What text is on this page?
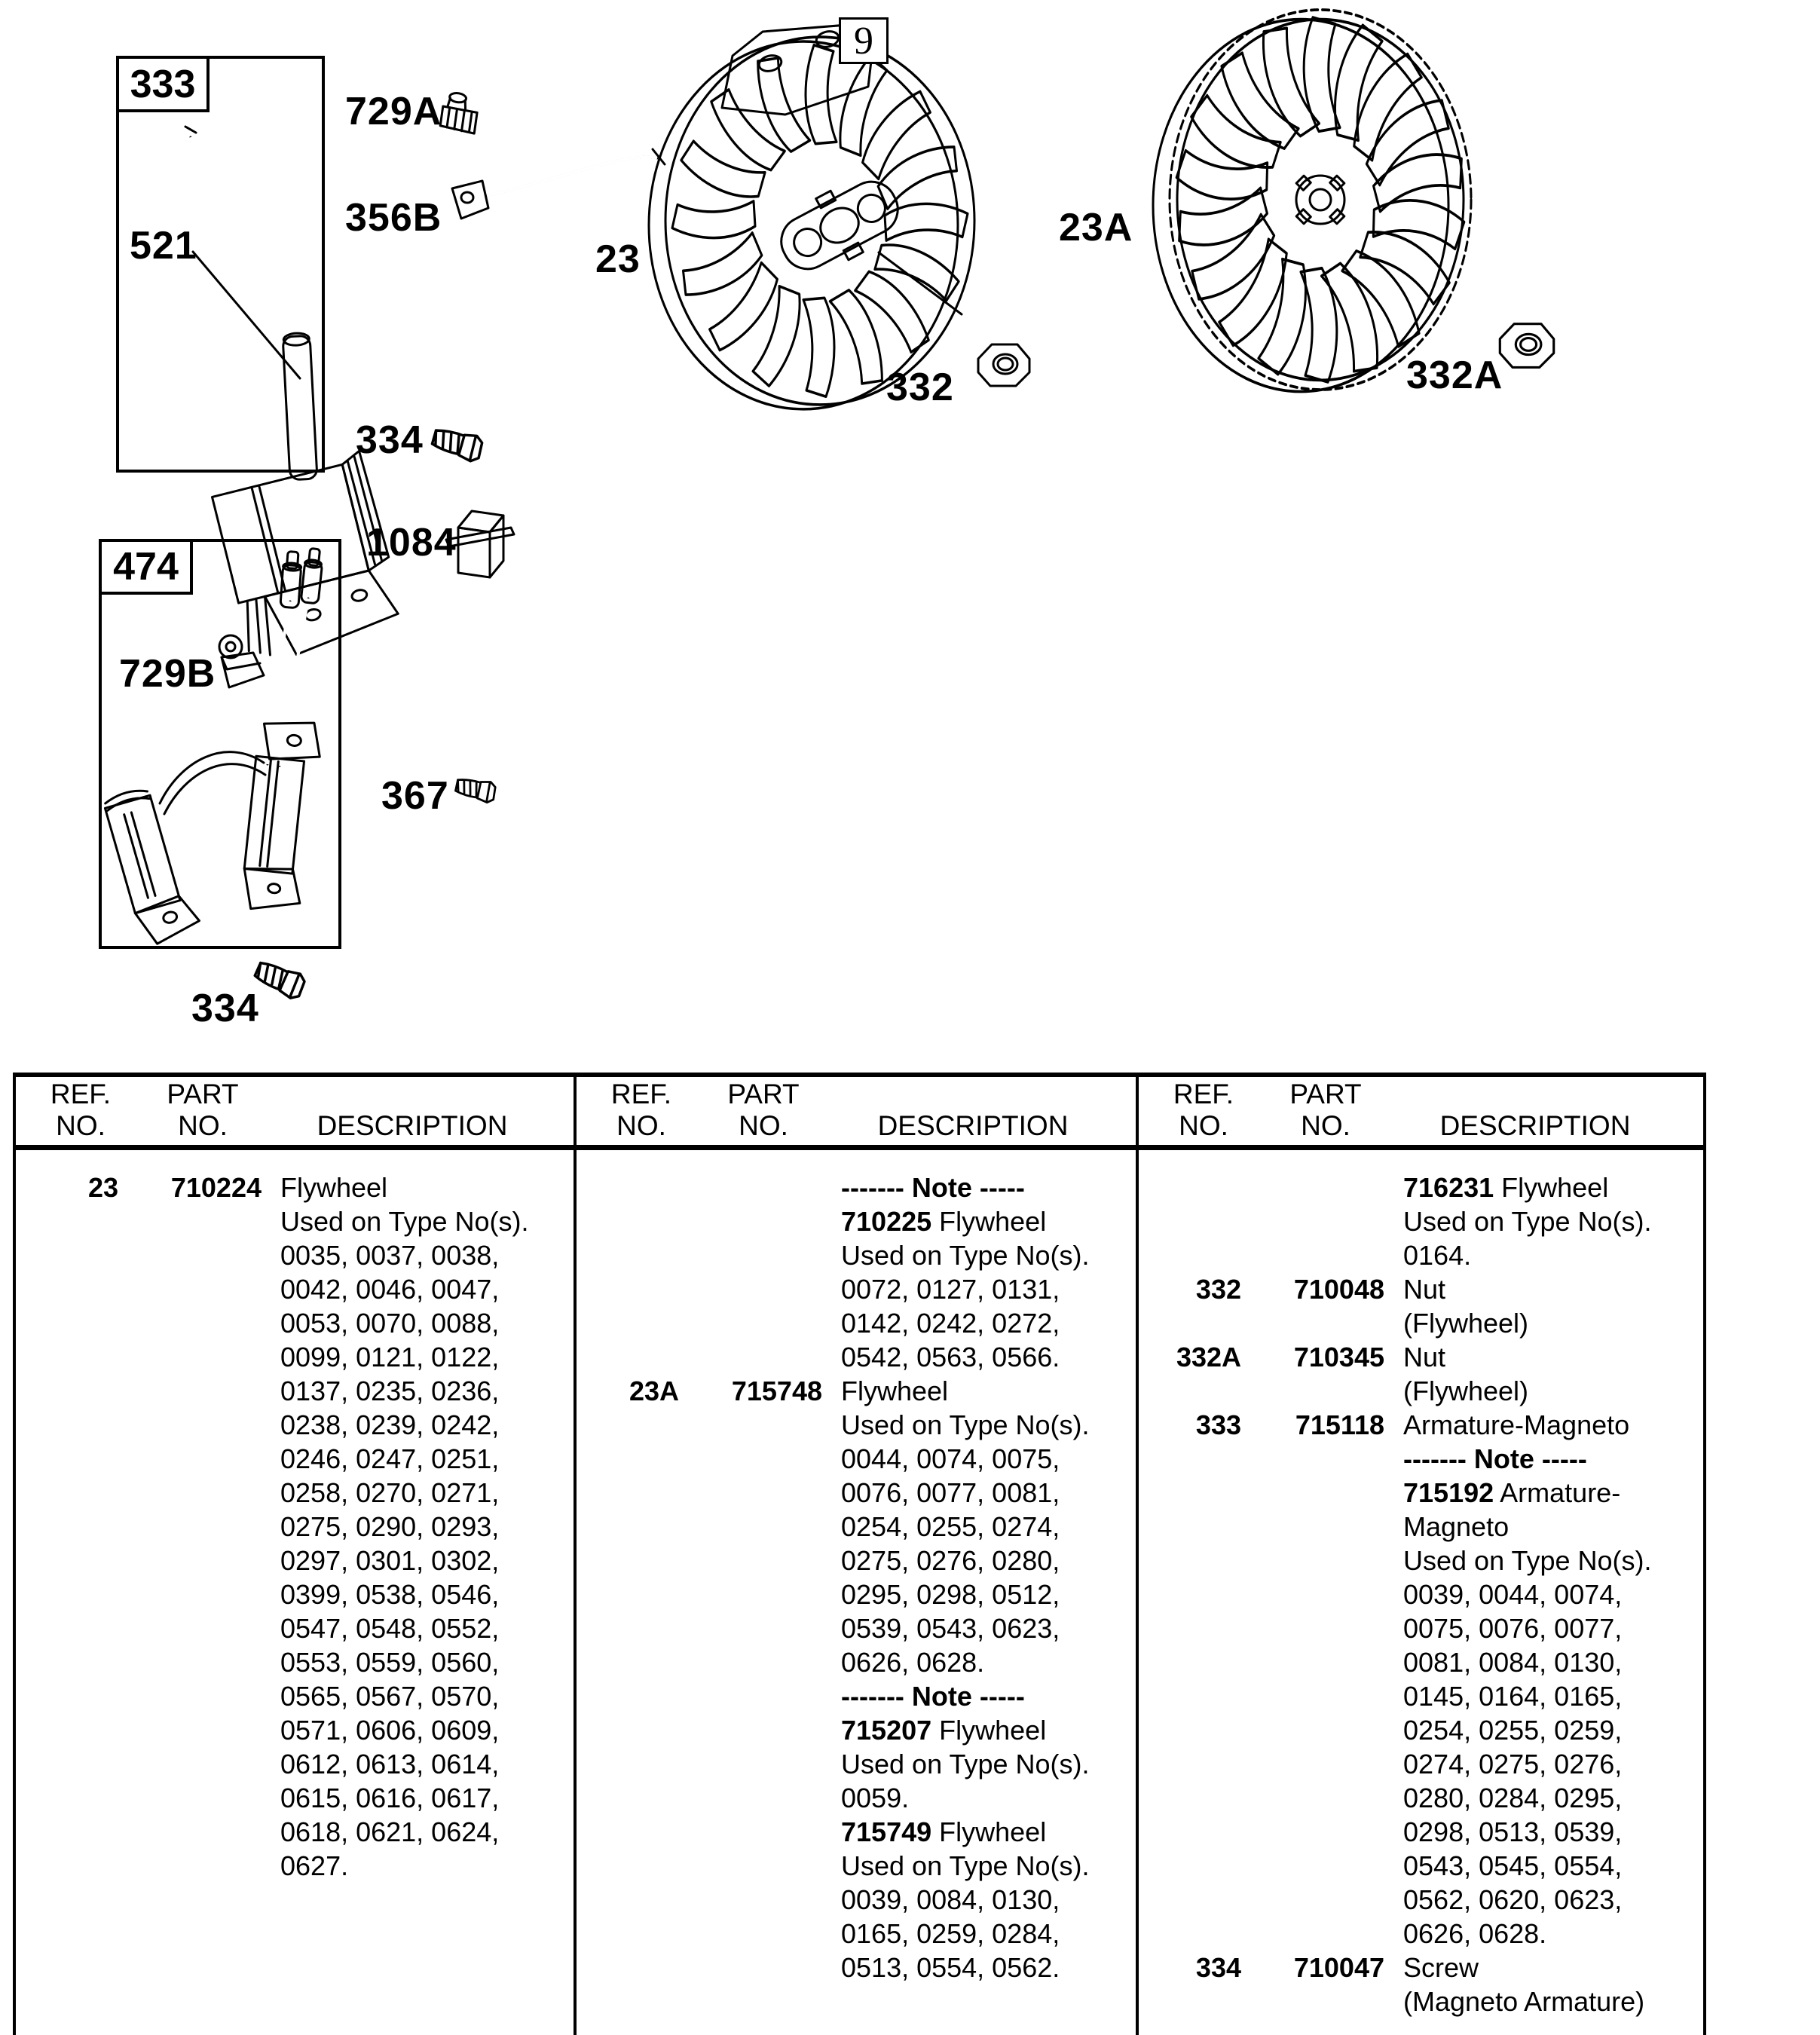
333
521
729A
356B
23
9
332
23A
332A
334
1084
474
729B
367
334
REF.	PART
NO.	NO.	DESCRIPTION
REF.	PART
NO.	NO.	DESCRIPTION
REF.	PART
NO.	NO.	DESCRIPTION
23	710224 Flywheel
Used on Type No(s).
0035, 0037, 0038,
0042, 0046, 0047,
0053, 0070, 0088,
0099, 0121, 0122,
0137, 0235, 0236,
0238, 0239, 0242,
0246, 0247, 0251,
0258, 0270, 0271,
0275, 0290, 0293,
0297, 0301, 0302,
0399, 0538, 0546,
0547, 0548, 0552,
0553, 0559, 0560,
0565, 0567, 0570,
0571, 0606, 0609,
0612, 0613, 0614,
0615, 0616, 0617,
0618, 0621, 0624,
0627.
------- Note -----
710225 Flywheel
Used on Type No(s).
0072, 0127, 0131,
0142, 0242, 0272,
0542, 0563, 0566.
23A	715748 Flywheel
Used on Type No(s).
0044, 0074, 0075,
0076, 0077, 0081,
0254, 0255, 0274,
0275, 0276, 0280,
0295, 0298, 0512,
0539, 0543, 0623,
0626, 0628.
------- Note -----
715207 Flywheel
Used on Type No(s).
0059.
715749 Flywheel
Used on Type No(s).
0039, 0084, 0130,
0165, 0259, 0284,
0513, 0554, 0562.
716231 Flywheel
Used on Type No(s).
0164.
332	710048 Nut
(Flywheel)
332A	710345 Nut
(Flywheel)
333	715118 Armature-Magneto
------- Note -----
715192 Armature-
Magneto
Used on Type No(s).
0039, 0044, 0074,
0075, 0076, 0077,
0081, 0084, 0130,
0145, 0164, 0165,
0254, 0255, 0259,
0274, 0275, 0276,
0280, 0284, 0295,
0298, 0513, 0539,
0543, 0545, 0554,
0562, 0620, 0623,
0626, 0628.
334	710047 Screw
(Magneto Armature)
